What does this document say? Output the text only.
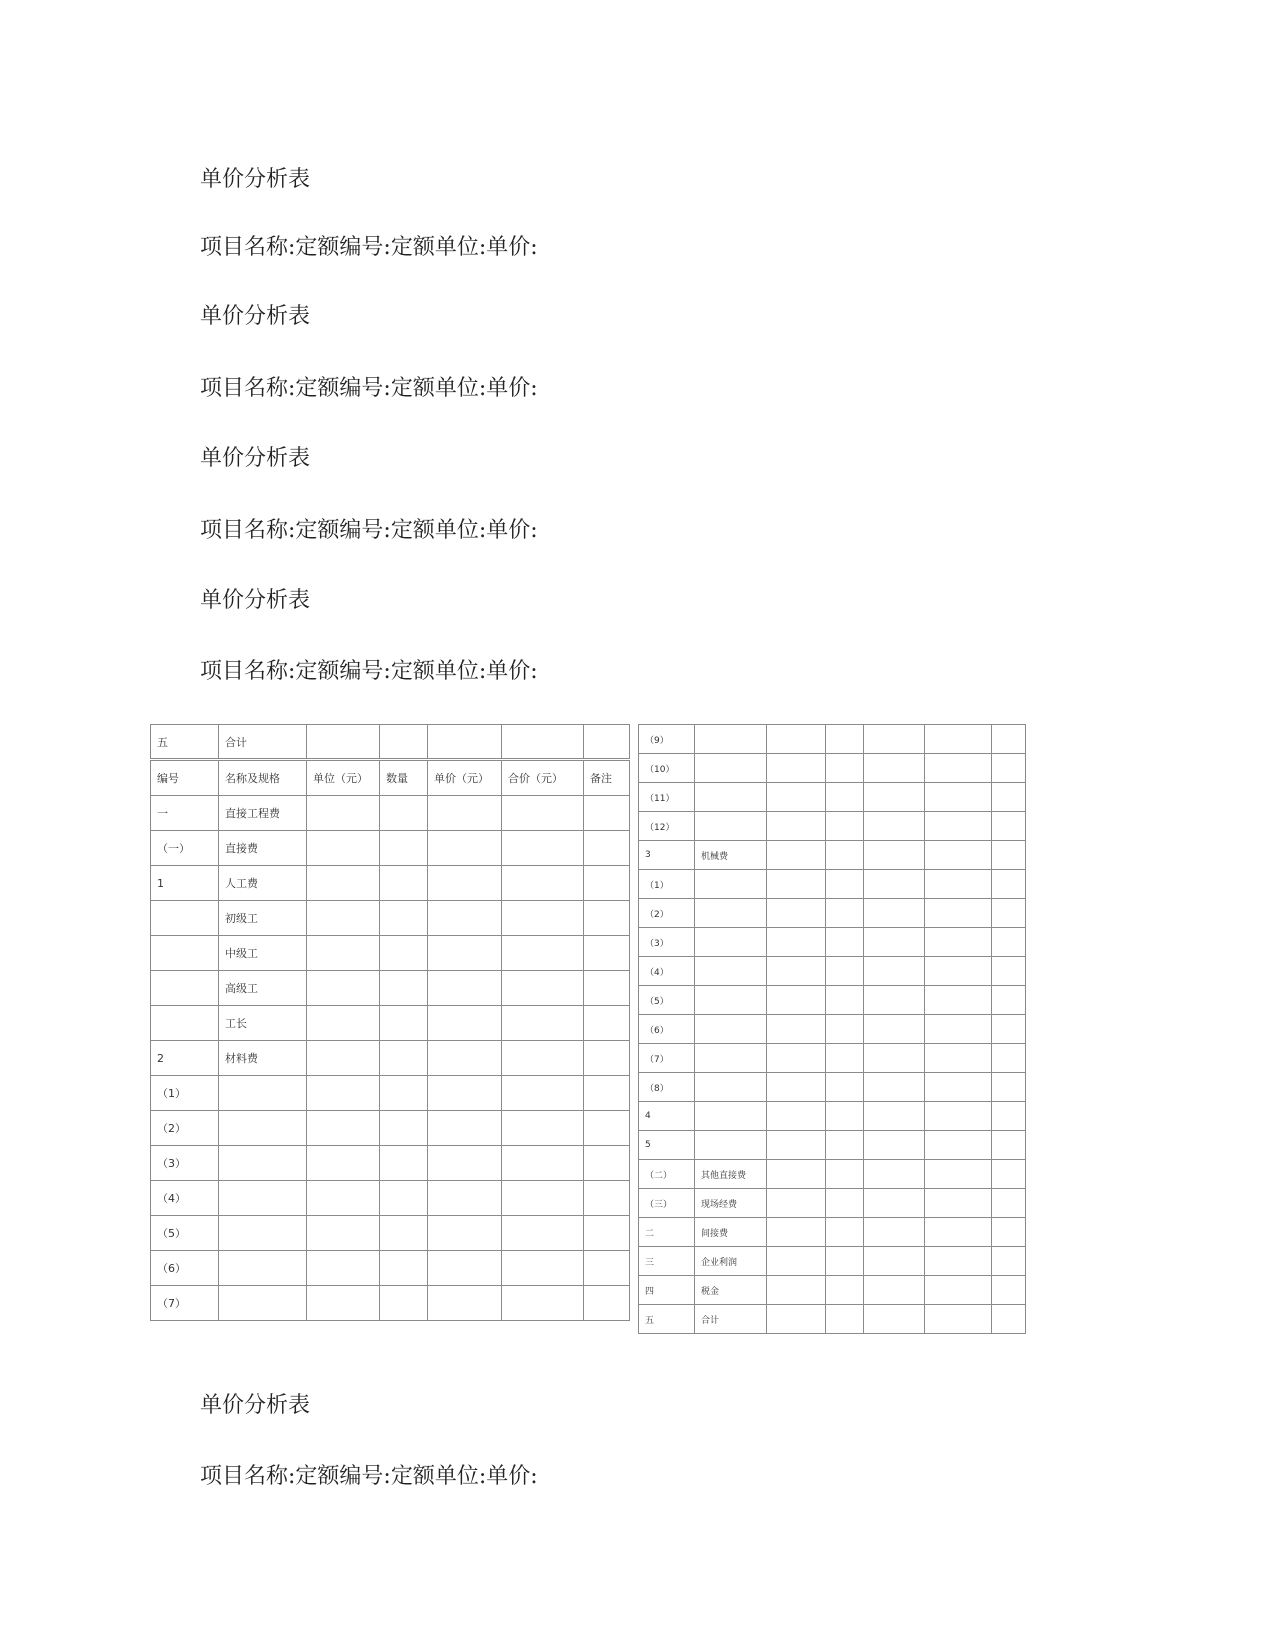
单价分析表
项目名称:定额编号:定额单位:单价:
单价分析表
项目名称:定额编号:定额单位:单价:
单价分析表
项目名称:定额编号:定额单位:单价:
单价分析表
项目名称:定额编号:定额单位:单价:
五	合计					
编号	名称及规格	单位（元）	数量	单价（元）	合价（元）	备注
一	直接工程费					
（一）	直接费					
1	人工费					
	初级工					
	中级工					
	高级工					
	工长					
2	材料费					
（1）						
（2）						
（3）						
（4）						
（5）						
（6）						
（7）						
（9）						
（10）						
（11）						
（12）						
3	机械费					
（1）						
（2）						
（3）						
（4）						
（5）						
（6）						
（7）						
（8）						
4						
5						
（二）	其他直接费					
（三）	现场经费					
二	间接费					
三	企业利润					
四	税金					
五	合计					
单价分析表
项目名称:定额编号:定额单位:单价:
